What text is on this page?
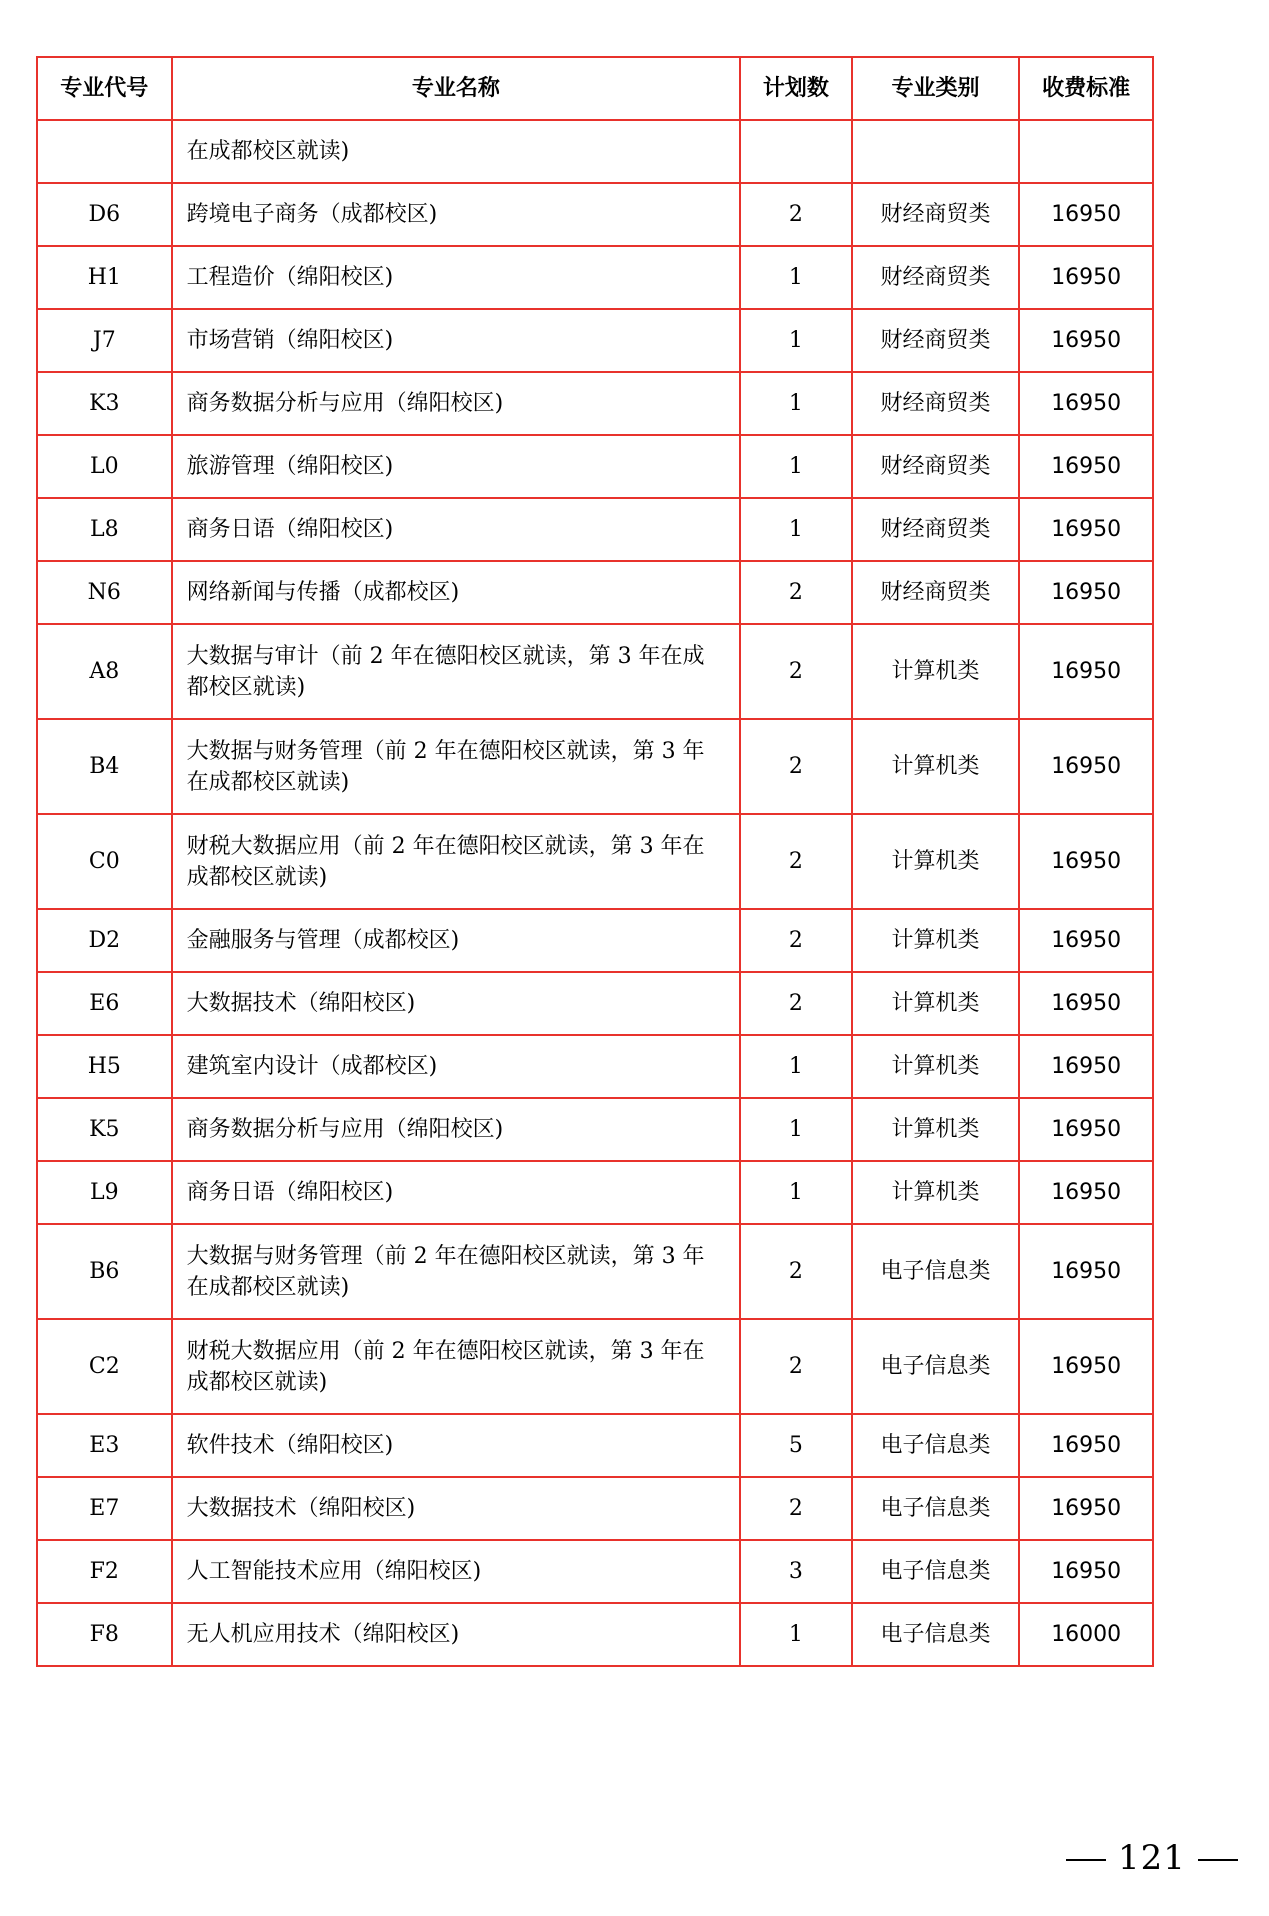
专业代号	专业名称	计划数	专业类别	收费标准
	在成都校区就读)			
D6	跨境电子商务（成都校区)	2	财经商贸类	16950
H1	工程造价（绵阳校区)	1	财经商贸类	16950
J7	市场营销（绵阳校区)	1	财经商贸类	16950
K3	商务数据分析与应用（绵阳校区)	1	财经商贸类	16950
L0	旅游管理（绵阳校区)	1	财经商贸类	16950
L8	商务日语（绵阳校区)	1	财经商贸类	16950
N6	网络新闻与传播（成都校区)	2	财经商贸类	16950
A8	大数据与审计（前 2 年在德阳校区就读，第 3 年在成都校区就读)	2	计算机类	16950
B4	大数据与财务管理（前 2 年在德阳校区就读，第 3 年在成都校区就读)	2	计算机类	16950
C0	财税大数据应用（前 2 年在德阳校区就读，第 3 年在成都校区就读)	2	计算机类	16950
D2	金融服务与管理（成都校区)	2	计算机类	16950
E6	大数据技术（绵阳校区)	2	计算机类	16950
H5	建筑室内设计（成都校区)	1	计算机类	16950
K5	商务数据分析与应用（绵阳校区)	1	计算机类	16950
L9	商务日语（绵阳校区)	1	计算机类	16950
B6	大数据与财务管理（前 2 年在德阳校区就读，第 3 年在成都校区就读)	2	电子信息类	16950
C2	财税大数据应用（前 2 年在德阳校区就读，第 3 年在成都校区就读)	2	电子信息类	16950
E3	软件技术（绵阳校区)	5	电子信息类	16950
E7	大数据技术（绵阳校区)	2	电子信息类	16950
F2	人工智能技术应用（绵阳校区)	3	电子信息类	16950
F8	无人机应用技术（绵阳校区)	1	电子信息类	16000
121
